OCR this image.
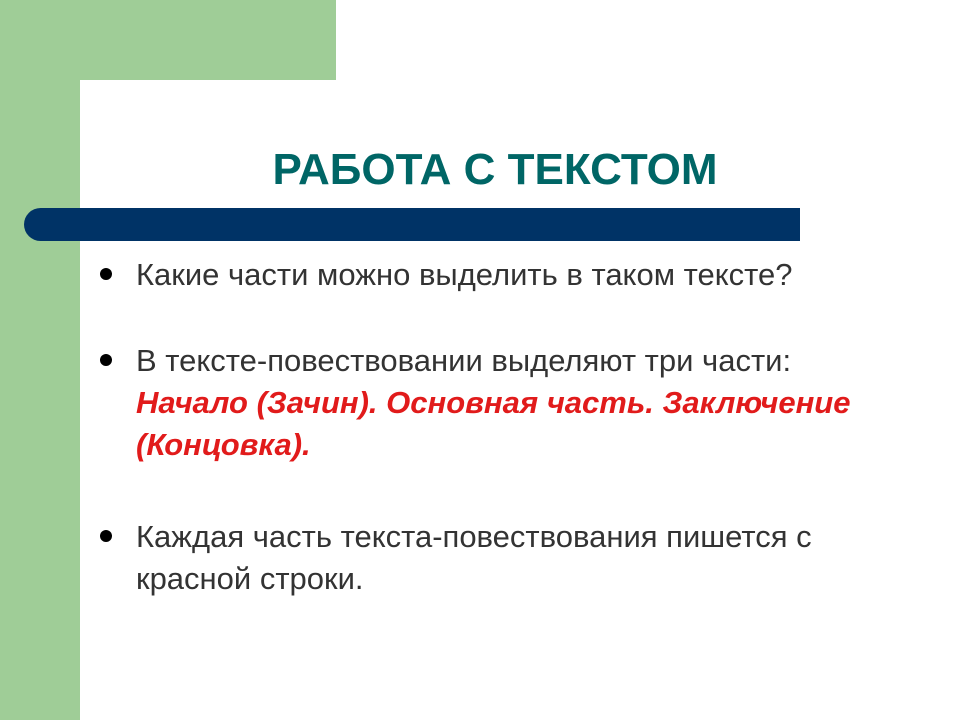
РАБОТА С ТЕКСТОМ
Какие части можно выделить в таком тексте?
В тексте-повествовании выделяют три части: Начало (Зачин). Основная часть. Заключение (Концовка).
Каждая часть текста-повествования пишется с красной строки.
